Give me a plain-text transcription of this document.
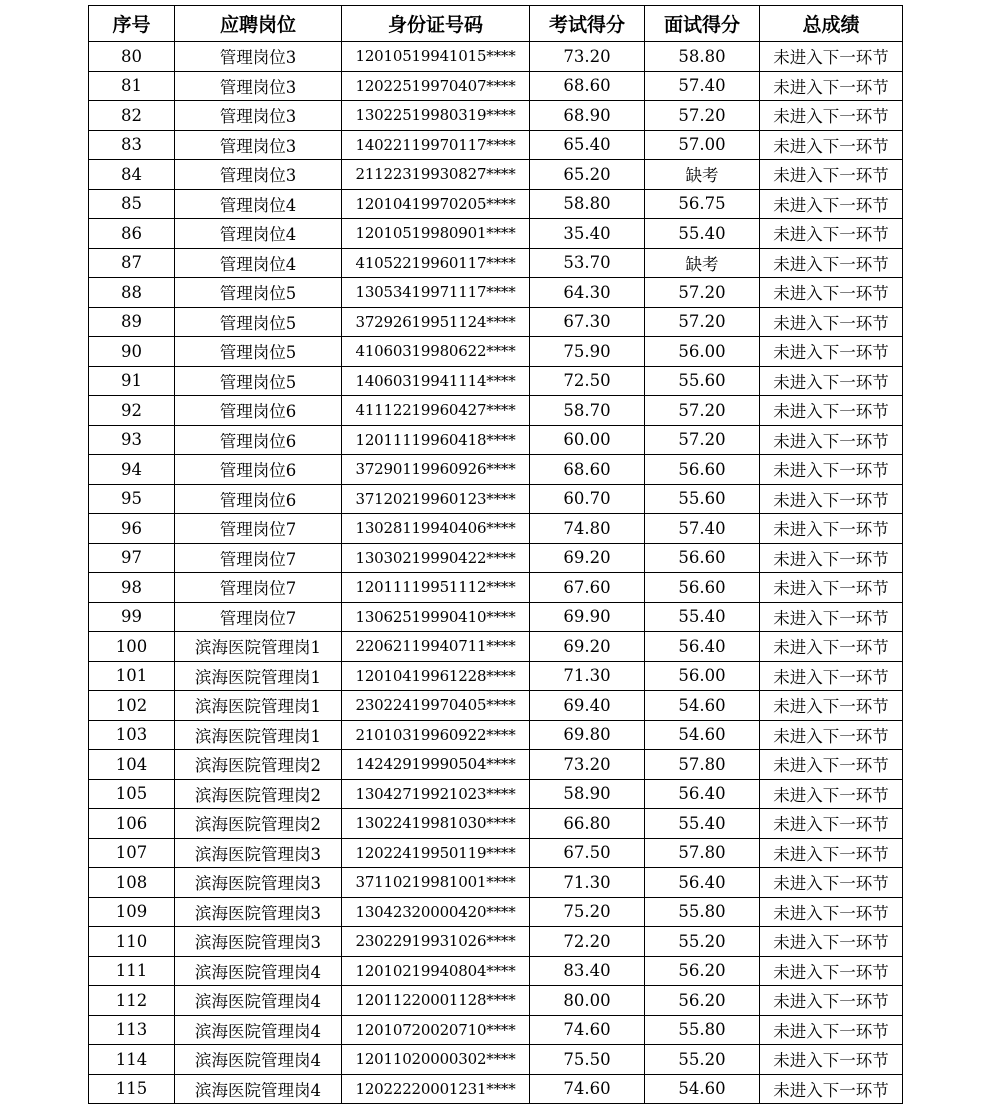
序号	应聘岗位	身份证号码	考试得分	面试得分	总成绩
80	管理岗位3	12010519941015****	73.20	58.80	未进入下一环节
81	管理岗位3	12022519970407****	68.60	57.40	未进入下一环节
82	管理岗位3	13022519980319****	68.90	57.20	未进入下一环节
83	管理岗位3	14022119970117****	65.40	57.00	未进入下一环节
84	管理岗位3	21122319930827****	65.20	缺考	未进入下一环节
85	管理岗位4	12010419970205****	58.80	56.75	未进入下一环节
86	管理岗位4	12010519980901****	35.40	55.40	未进入下一环节
87	管理岗位4	41052219960117****	53.70	缺考	未进入下一环节
88	管理岗位5	13053419971117****	64.30	57.20	未进入下一环节
89	管理岗位5	37292619951124****	67.30	57.20	未进入下一环节
90	管理岗位5	41060319980622****	75.90	56.00	未进入下一环节
91	管理岗位5	14060319941114****	72.50	55.60	未进入下一环节
92	管理岗位6	41112219960427****	58.70	57.20	未进入下一环节
93	管理岗位6	12011119960418****	60.00	57.20	未进入下一环节
94	管理岗位6	37290119960926****	68.60	56.60	未进入下一环节
95	管理岗位6	37120219960123****	60.70	55.60	未进入下一环节
96	管理岗位7	13028119940406****	74.80	57.40	未进入下一环节
97	管理岗位7	13030219990422****	69.20	56.60	未进入下一环节
98	管理岗位7	12011119951112****	67.60	56.60	未进入下一环节
99	管理岗位7	13062519990410****	69.90	55.40	未进入下一环节
100	滨海医院管理岗1	22062119940711****	69.20	56.40	未进入下一环节
101	滨海医院管理岗1	12010419961228****	71.30	56.00	未进入下一环节
102	滨海医院管理岗1	23022419970405****	69.40	54.60	未进入下一环节
103	滨海医院管理岗1	21010319960922****	69.80	54.60	未进入下一环节
104	滨海医院管理岗2	14242919990504****	73.20	57.80	未进入下一环节
105	滨海医院管理岗2	13042719921023****	58.90	56.40	未进入下一环节
106	滨海医院管理岗2	13022419981030****	66.80	55.40	未进入下一环节
107	滨海医院管理岗3	12022419950119****	67.50	57.80	未进入下一环节
108	滨海医院管理岗3	37110219981001****	71.30	56.40	未进入下一环节
109	滨海医院管理岗3	13042320000420****	75.20	55.80	未进入下一环节
110	滨海医院管理岗3	23022919931026****	72.20	55.20	未进入下一环节
111	滨海医院管理岗4	12010219940804****	83.40	56.20	未进入下一环节
112	滨海医院管理岗4	12011220001128****	80.00	56.20	未进入下一环节
113	滨海医院管理岗4	12010720020710****	74.60	55.80	未进入下一环节
114	滨海医院管理岗4	12011020000302****	75.50	55.20	未进入下一环节
115	滨海医院管理岗4	12022220001231****	74.60	54.60	未进入下一环节
